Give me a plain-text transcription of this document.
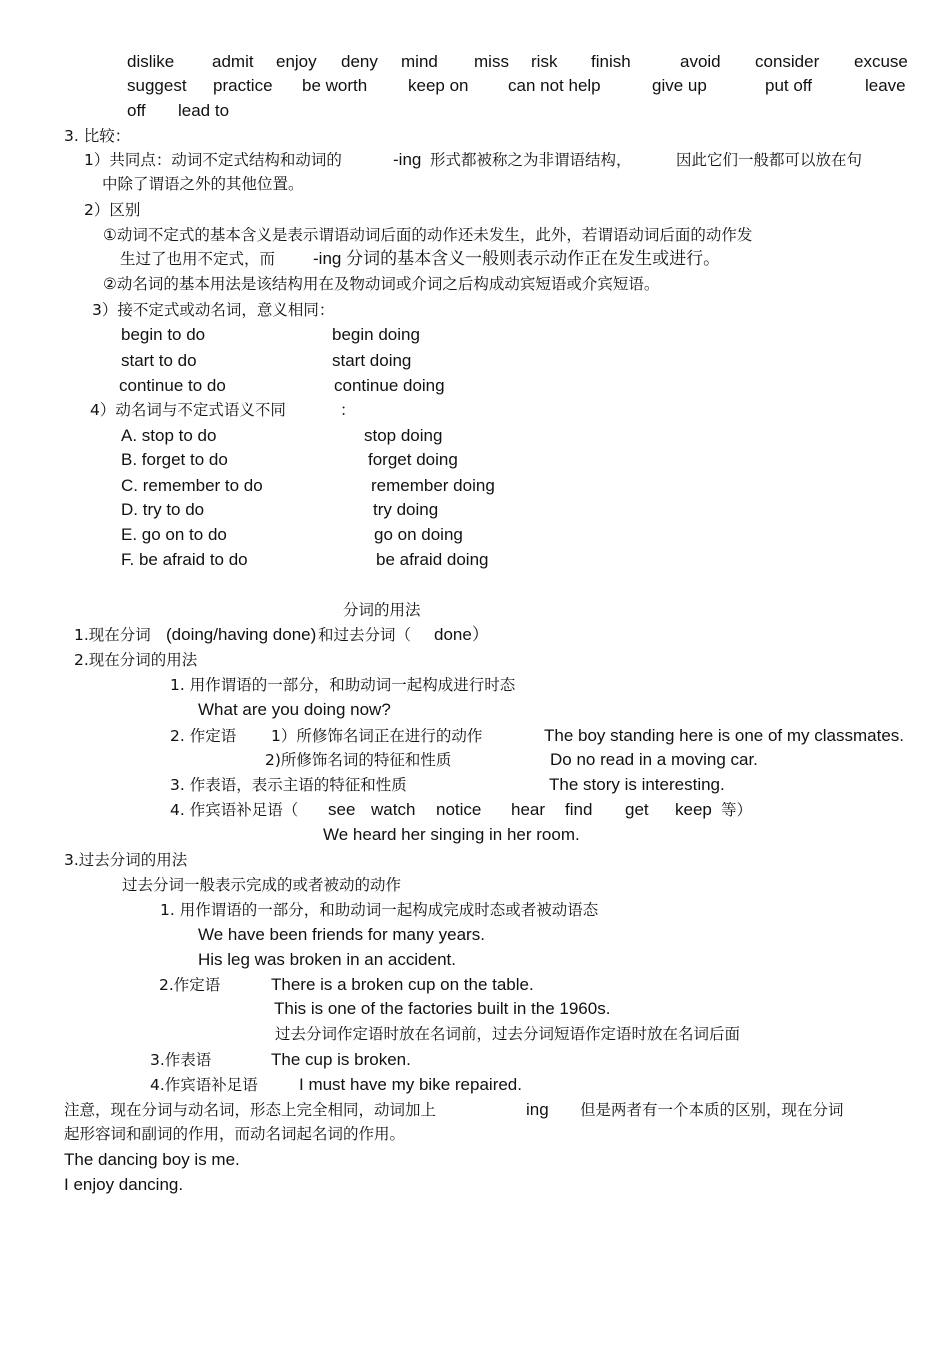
dislike admit enjoy deny mind miss risk finish	avoid consider excuse
suggest practice be worth keep on can not help	give up	put off	leave
off lead to
3. 比较：
1）共同点：动词不定式结构和动词的	-ing 形式都被称之为非谓语结构，	因此它们一般都可以放在句
中除了谓语之外的其他位置。
2）区别
①动词不定式的基本含义是表示谓语动词后面的动作还未发生，此外，若谓语动词后面的动作发
生过了也用不定式，而 -ing 分词的基本含义一般则表示动作正在发生或进行。
②动名词的基本用法是该结构用在及物动词或介词之后构成动宾短语或介宾短语。
3）接不定式或动名词，意义相同：
begin to do	begin doing
start to do	start doing
continue to do	continue doing
4）动名词与不定式语义不同	：
A. stop to do	stop doing
B. forget to do	forget doing
C. remember to do	remember doing
D. try to do	try doing
E. go on to do	go on doing
F. be afraid to do	be afraid doing
分词的用法
1.现在分词 (doing/having done) 和过去分词（ done）
2.现在分词的用法
1. 用作谓语的一部分，和助动词一起构成进行时态
What are you doing now?
2. 作定语 1）所修饰名词正在进行的动作	The boy standing here is one of my classmates.
2)所修饰名词的特征和性质	Do no read in a moving car.
3. 作表语，表示主语的特征和性质	The story is interesting.
4. 作宾语补足语（ see watch notice hear find get keep 等）
We heard her singing in her room.
3.过去分词的用法
过去分词一般表示完成的或者被动的动作
1. 用作谓语的一部分，和助动词一起构成完成时态或者被动语态
We have been friends for many years.
His leg was broken in an accident.
2.作定语	There is a broken cup on the table.
This is one of the factories built in the 1960s.
过去分词作定语时放在名词前，过去分词短语作定语时放在名词后面
3.作表语	The cup is broken.
4.作宾语补足语 I must have my bike repaired.
注意，现在分词与动名词，形态上完全相同，动词加上	ing 但是两者有一个本质的区别，现在分词
起形容词和副词的作用，而动名词起名词的作用。
The dancing boy is me.
I enjoy dancing.
